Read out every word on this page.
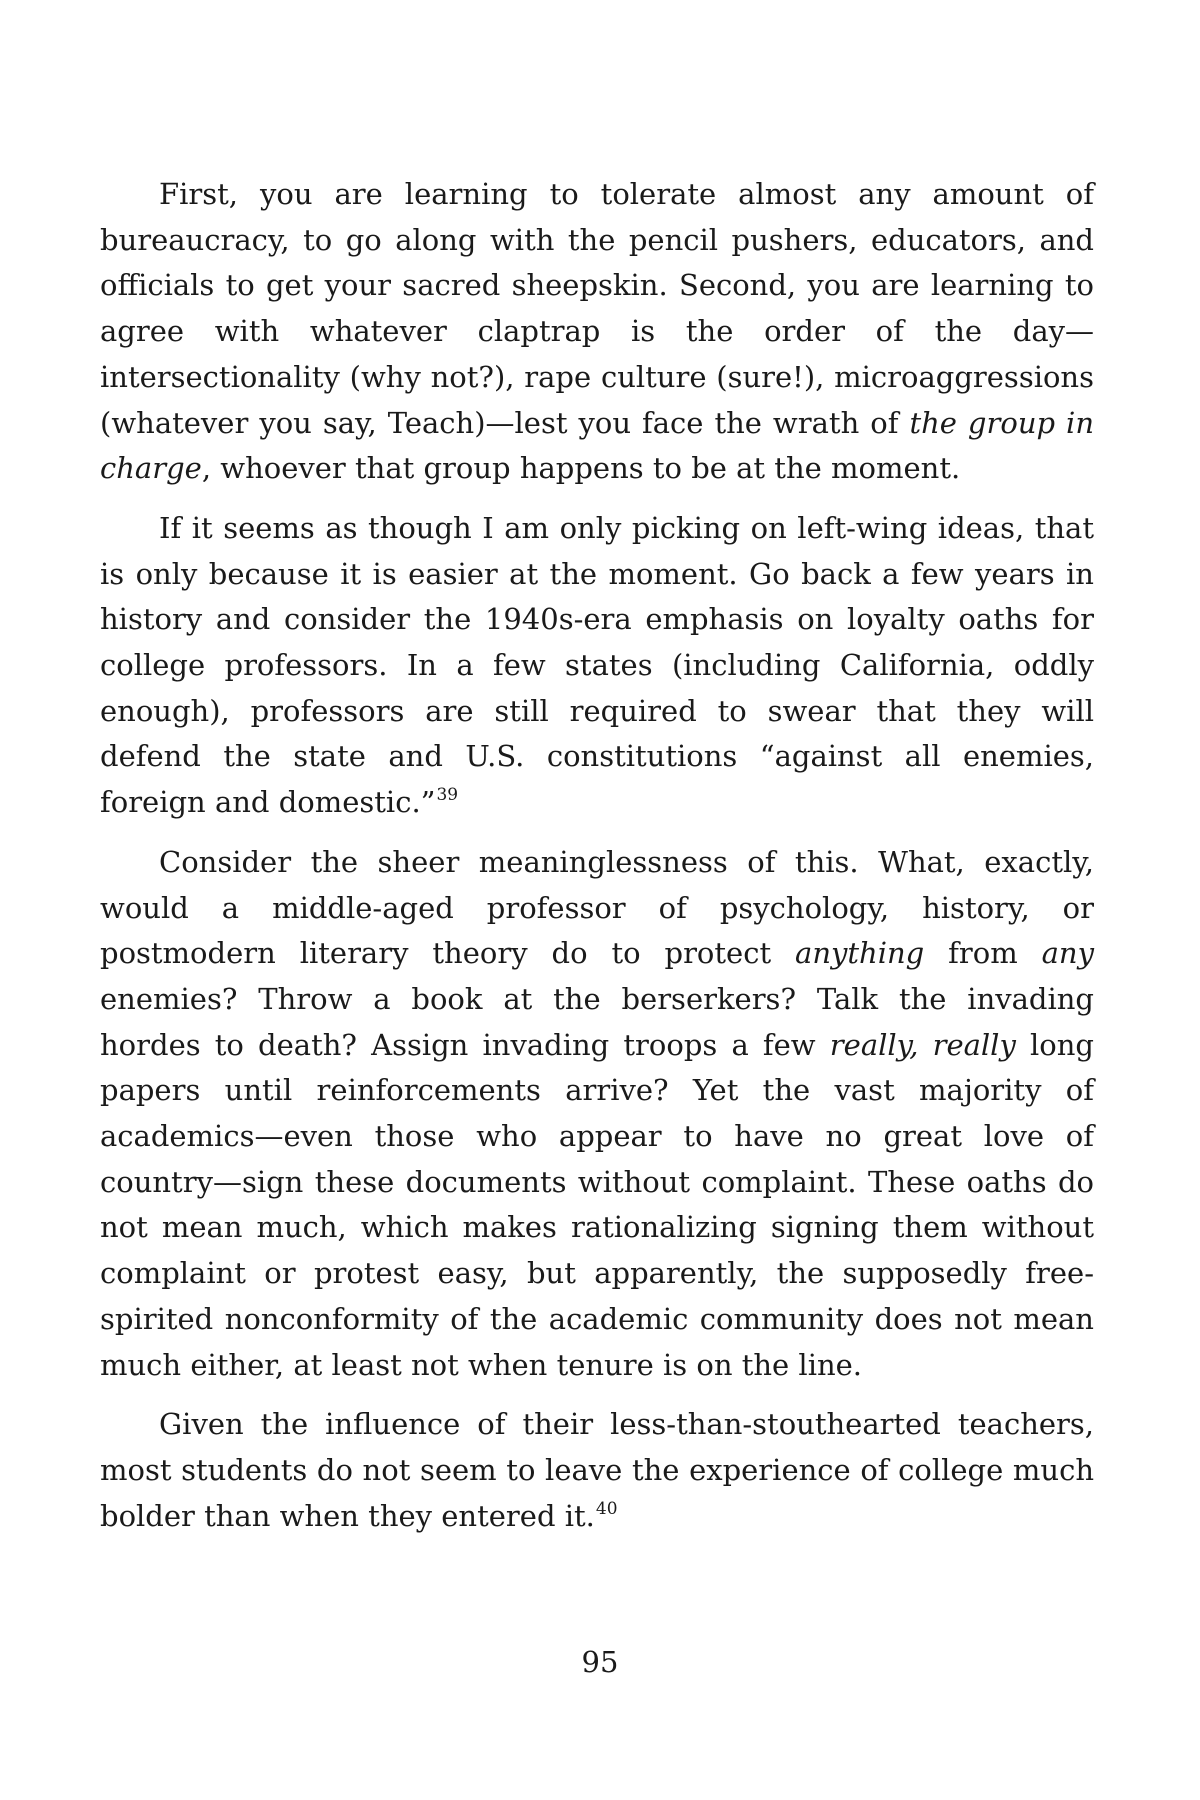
First, you are learning to tolerate almost any amount of bureaucracy, to go along with the pencil pushers, educators, and officials to get your sacred sheepskin. Second, you are learning to agree with whatever claptrap is the order of the day—intersectionality (why not?), rape culture (sure!), microaggressions (whatever you say, Teach)—lest you face the wrath of the group in charge, whoever that group happens to be at the moment.

If it seems as though I am only picking on left-wing ideas, that is only because it is easier at the moment. Go back a few years in history and consider the 1940s-era emphasis on loyalty oaths for college professors. In a few states (including California, oddly enough), professors are still required to swear that they will defend the state and U.S. constitutions “against all enemies, foreign and domestic.”$^{39}$

Consider the sheer meaninglessness of this. What, exactly, would a middle-aged professor of psychology, history, or postmodern literary theory do to protect anything from any enemies? Throw a book at the berserkers? Talk the invading hordes to death? Assign invading troops a few really, really long papers until reinforcements arrive? Yet the vast majority of academics—even those who appear to have no great love of country—sign these documents without complaint. These oaths do not mean much, which makes rationalizing signing them without complaint or protest easy, but apparently, the supposedly free-spirited nonconformity of the academic community does not mean much either, at least not when tenure is on the line.

Given the influence of their less-than-stouthearted teachers, most students do not seem to leave the experience of college much bolder than when they entered it.$^{40}$

95
